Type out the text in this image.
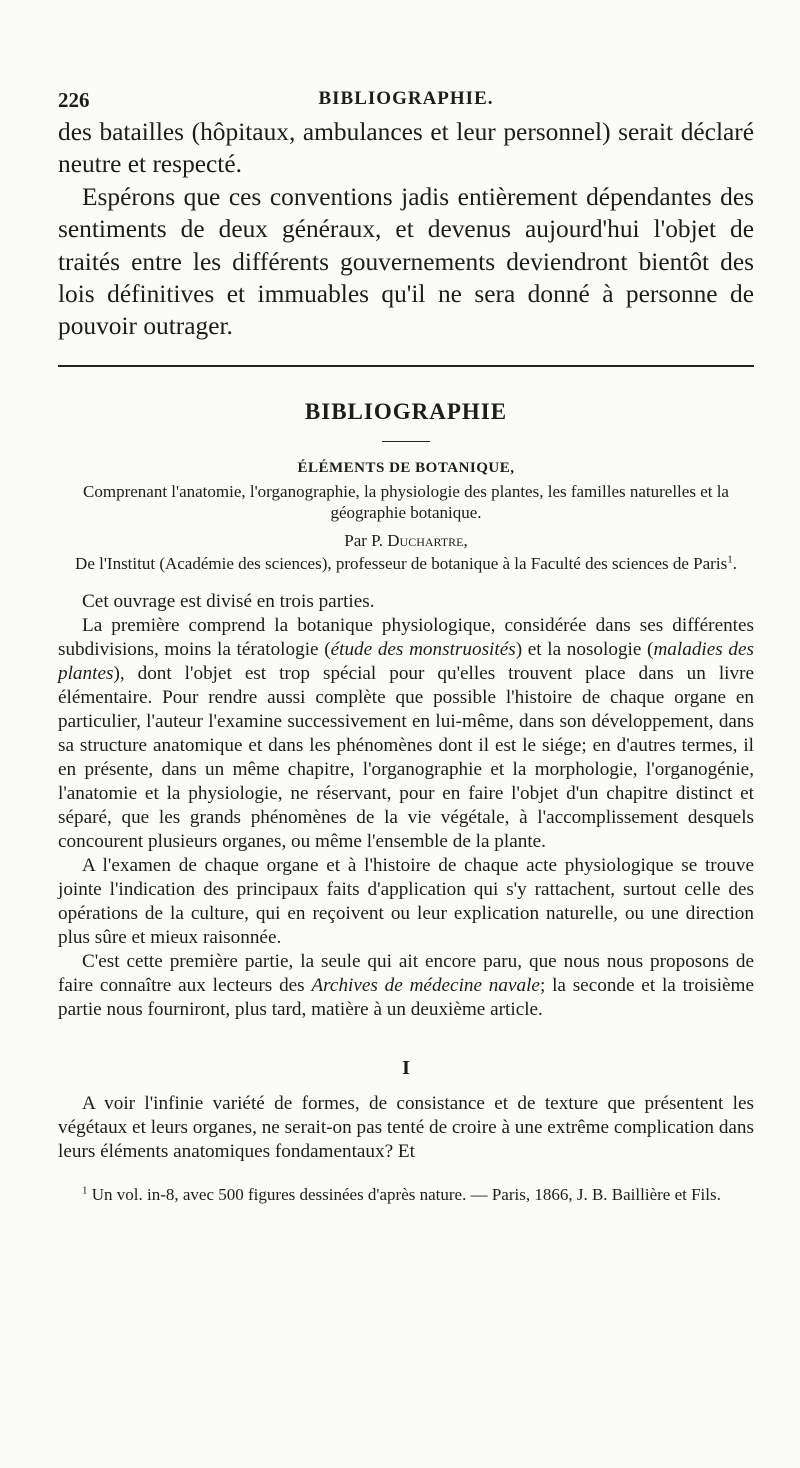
226	BIBLIOGRAPHIE.

des batailles (hôpitaux, ambulances et leur personnel) serait déclaré neutre et respecté.

Espérons que ces conventions jadis entièrement dépendantes des sentiments de deux généraux, et devenus aujourd'hui l'objet de traités entre les différents gouvernements deviendront bientôt des lois définitives et immuables qu'il ne sera donné à personne de pouvoir outrager.

BIBLIOGRAPHIE
ÉLÉMENTS DE BOTANIQUE,
Comprenant l'anatomie, l'organographie, la physiologie des plantes, les familles naturelles et la géographie botanique.
Par P. Duchartre,
De l'Institut (Académie des sciences), professeur de botanique à la Faculté des sciences de Paris$^1$.

Cet ouvrage est divisé en trois parties.

La première comprend la botanique physiologique, considérée dans ses différentes subdivisions, moins la tératologie (étude des monstruosités) et la nosologie (maladies des plantes), dont l'objet est trop spécial pour qu'elles trouvent place dans un livre élémentaire. Pour rendre aussi complète que possible l'histoire de chaque organe en particulier, l'auteur l'examine successivement en lui-même, dans son développement, dans sa structure anatomique et dans les phénomènes dont il est le siége; en d'autres termes, il en présente, dans un même chapitre, l'organographie et la morphologie, l'organogénie, l'anatomie et la physiologie, ne réservant, pour en faire l'objet d'un chapitre distinct et séparé, que les grands phénomènes de la vie végétale, à l'accomplissement desquels concourent plusieurs organes, ou même l'ensemble de la plante.

A l'examen de chaque organe et à l'histoire de chaque acte physiologique se trouve jointe l'indication des principaux faits d'application qui s'y rattachent, surtout celle des opérations de la culture, qui en reçoivent ou leur explication naturelle, ou une direction plus sûre et mieux raisonnée.

C'est cette première partie, la seule qui ait encore paru, que nous nous proposons de faire connaître aux lecteurs des Archives de médecine navale; la seconde et la troisième partie nous fourniront, plus tard, matière à un deuxième article.

I

A voir l'infinie variété de formes, de consistance et de texture que présentent les végétaux et leurs organes, ne serait-on pas tenté de croire à une extrême complication dans leurs éléments anatomiques fondamentaux? Et

$^1$ Un vol. in-8, avec 500 figures dessinées d'après nature. — Paris, 1866, J. B. Baillière et Fils.
